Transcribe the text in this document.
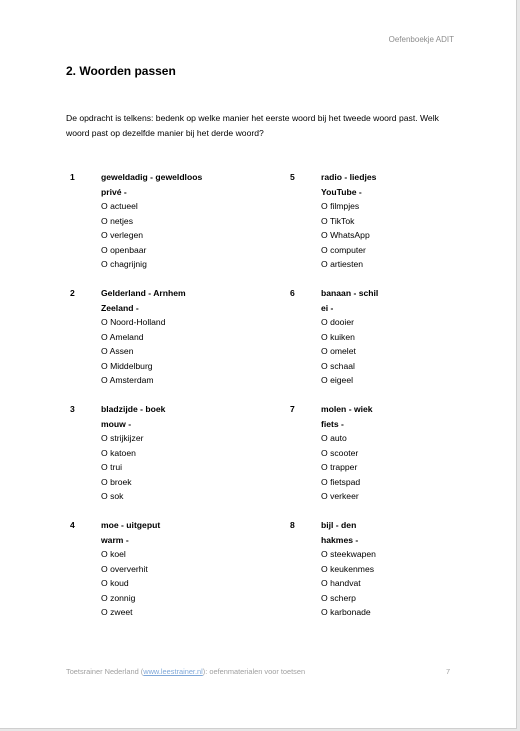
Oefenboekje ADIT
2. Woorden passen

De opdracht is telkens: bedenk op welke manier het eerste woord bij het tweede woord past. Welk woord past op dezelfde manier bij het derde woord?

1	geweldadig - geweldloos
privé -
O actueel
O netjes
O verlegen
O openbaar
O chagrijnig
2	Gelderland - Arnhem
Zeeland -
O Noord-Holland
O Ameland
O Assen
O Middelburg
O Amsterdam
3	bladzijde - boek
mouw -
O strijkijzer
O katoen
O trui
O broek
O sok
4	moe - uitgeput
warm -
O koel
O oververhit
O koud
O zonnig
O zweet
5	radio - liedjes
YouTube -
O filmpjes
O TikTok
O WhatsApp
O computer
O artiesten
6	banaan - schil
ei -
O dooier
O kuiken
O omelet
O schaal
O eigeel
7	molen - wiek
fiets -
O auto
O scooter
O trapper
O fietspad
O verkeer
8	bijl - den
hakmes -
O steekwapen
O keukenmes
O handvat
O scherp
O karbonade
Toetsrainer Nederland (www.leestrainer.nl): oefenmaterialen voor toetsen	7
